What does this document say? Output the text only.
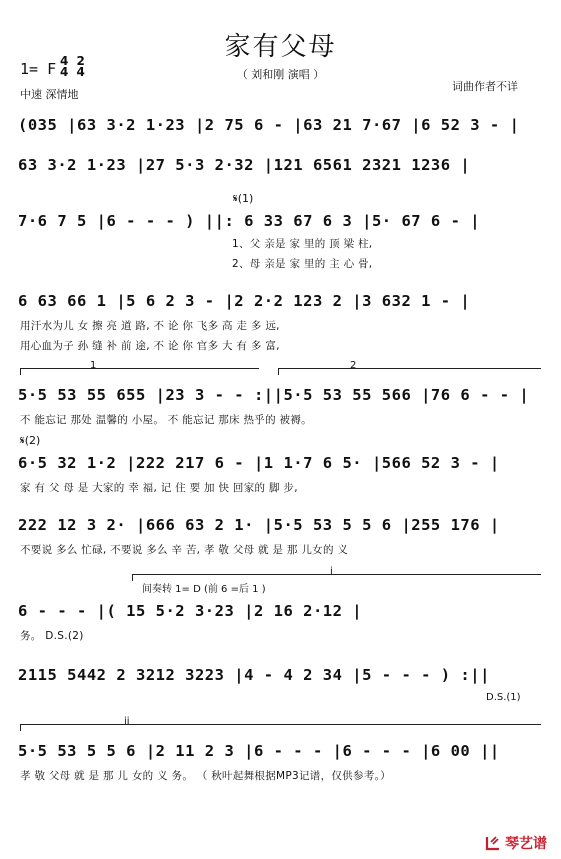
家有父母
（ 刘和刚 演唱 ）
1= F 4
4

2
4
中速 深情地
词曲作者不详
(035 |63 3·2 1·23 |2 75 6 - |63 21 7·67 |6 52 3 - |
63 3·2 1·23 |27 5·3 2·32 |121 6561 2321 1236 |
𝄋(1)
7·6 7 5 |6 - - - ) ||: 6 33 67 6 3 |5· 67 6 - |
1、父 亲是 家 里的 顶 梁 柱,
2、母 亲是 家 里的 主 心 骨,
6 63 66 1 |5 6 2 3 - |2 2·2 123 2 |3 632 1 - |
用汗水为儿 女 擦 亮 道 路, 不 论 你 飞多 高 走 多 远,
用心血为子 孙 缝 补 前 途, 不 论 你 官多 大 有 多 富,
1	2
5·5 53 55 655 |23 3 - - :||5·5 53 55 566 |76 6 - - |
不 能忘记 那处 温馨的 小屋。 不 能忘记 那床 热乎的 被褥。
𝄋(2)
6·5 32 1·2 |222 217 6 - |1 1·7 6 5· |566 52 3 - |
家 有 父 母 是 大家的 幸 福, 记 住 要 加 快 回家的 脚 步,
222 12 3 2· |666 63 2 1· |5·5 53 5 5 6 |255 176 |
不要说 多么 忙碌, 不要说 多么 辛 苦, 孝 敬 父母 就 是 那 儿女的 义
i
间奏转 1= D (前 6 =后 1 )
6 - - - |( 15 5·2 3·23 |2 16 2·12 |
务。 D.S.(2)
2115 5442 2 3212 3223 |4 - 4 2 34 |5 - - - ) :||
D.S.(1)
ii
5·5 53 5 5 6 |2 11 2 3 |6 - - - |6 - - - |6 00 ||
孝 敬 父母 就 是 那 儿 女的 义 务。 （ 秋叶起舞根据MP3记谱，仅供参考。）
琴艺谱
